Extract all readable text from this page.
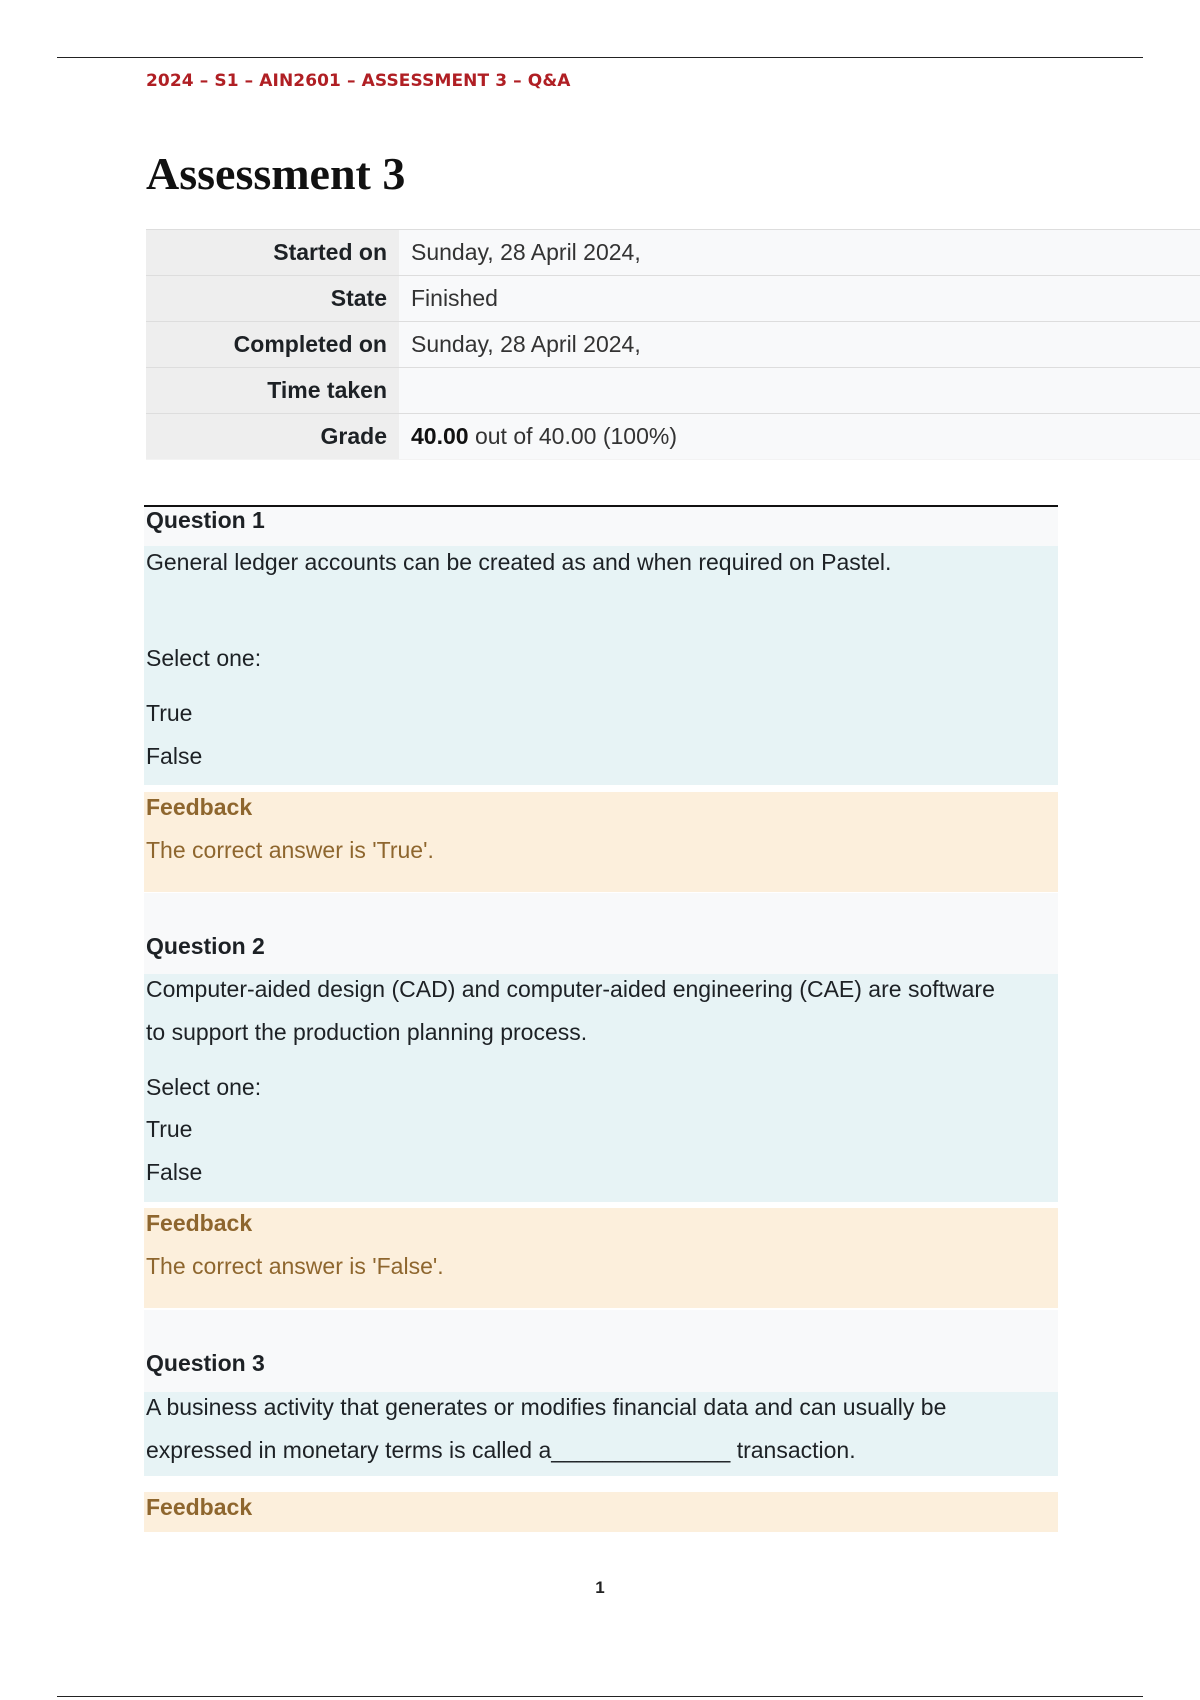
2024 – S1 – AIN2601 – ASSESSMENT 3 – Q&A
Assessment 3
Started on	Sunday, 28 April 2024,
State	Finished
Completed on	Sunday, 28 April 2024,
Time taken	
Grade	40.00 out of 40.00 (100%)
Question 1
General ledger accounts can be created as and when required on Pastel.
Select one:
True
False
Feedback
The correct answer is 'True'.
Question 2
Computer-aided design (CAD) and computer-aided engineering (CAE) are software
to support the production planning process.
Select one:
True
False
Feedback
The correct answer is 'False'.
Question 3
A business activity that generates or modifies financial data and can usually be
expressed in monetary terms is called a______________ transaction.
Feedback
1
